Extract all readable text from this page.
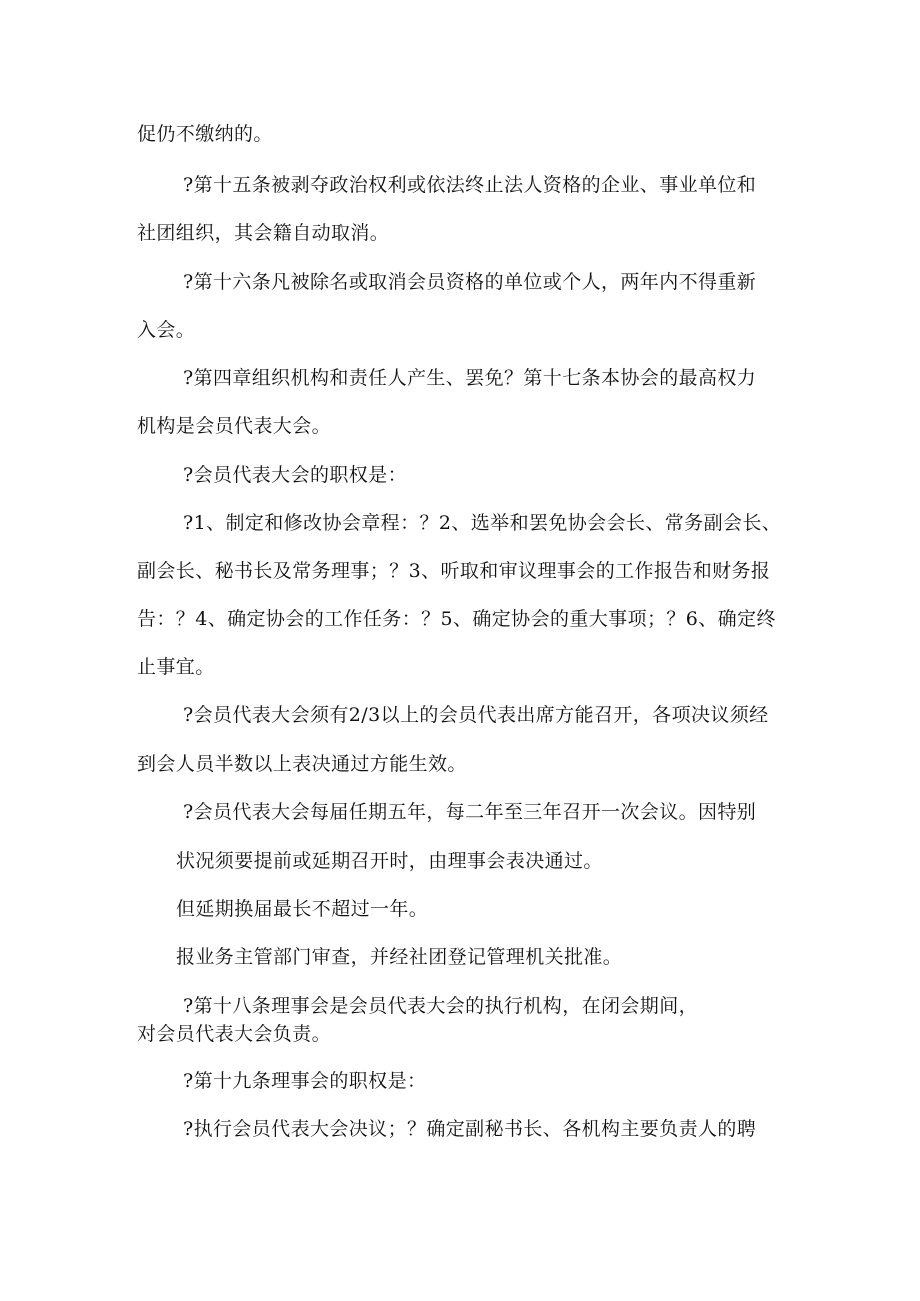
促仍不缴纳的。
?第十五条被剥夺政治权利或依法终止法人资格的企业、事业单位和
社团组织，其会籍自动取消。
?第十六条凡被除名或取消会员资格的单位或个人，两年内不得重新
入会。
?第四章组织机构和责任人产生、罢免？第十七条本协会的最高权力
机构是会员代表大会。
?会员代表大会的职权是：
?1、制定和修改协会章程：？2、选举和罢免协会会长、常务副会长、
副会长、秘书长及常务理事；？3、听取和审议理事会的工作报告和财务报
告：？4、确定协会的工作任务：？5、确定协会的重大事项；？6、确定终
止事宜。
?会员代表大会须有2/3以上的会员代表出席方能召开，各项决议须经
到会人员半数以上表决通过方能生效。
?会员代表大会每届任期五年，每二年至三年召开一次会议。因特别
状况须要提前或延期召开时，由理事会表决通过。
但延期换届最长不超过一年。
报业务主管部门审查，并经社团登记管理机关批准。
?第十八条理事会是会员代表大会的执行机构，在闭会期间，
对会员代表大会负责。
?第十九条理事会的职权是：
?执行会员代表大会决议；？确定副秘书长、各机构主要负责人的聘
